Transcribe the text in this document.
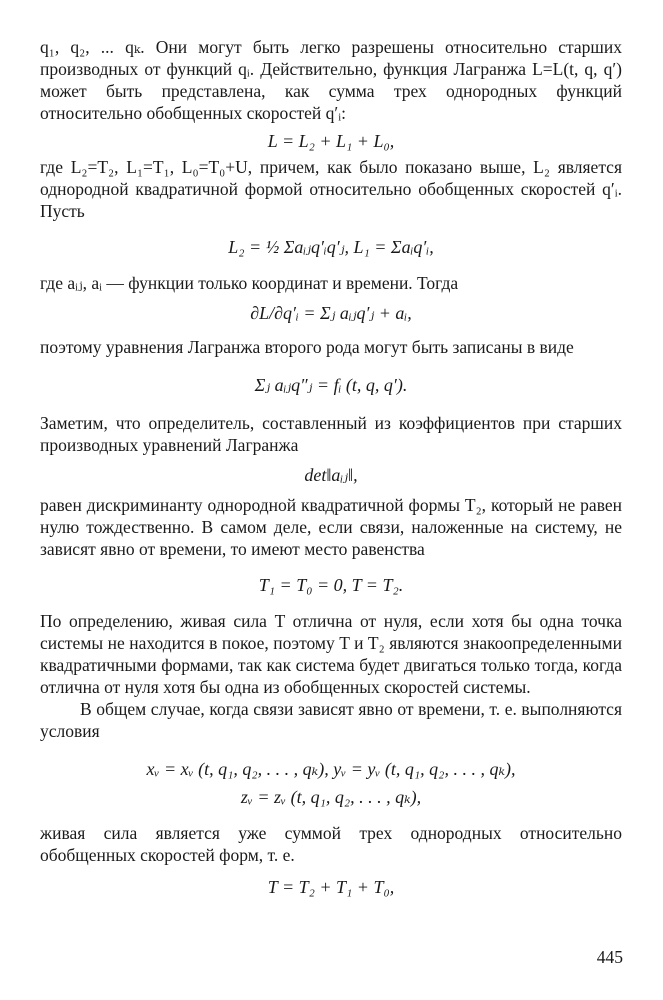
q₁, q₂, ... qₖ. Они могут быть легко разрешены относительно старших производных от функций qᵢ. Действительно, функция Лагранжа L=L(t, q, q′) может быть представлена, как сумма трех однородных функций относительно обобщенных скоростей q′ᵢ:

L = L₂ + L₁ + L₀,

где L₂=T₂, L₁=T₁, L₀=T₀+U, причем, как было показано выше, L₂ является однородной квадратичной формой относительно обобщенных скоростей q′ᵢ. Пусть

L₂ = ½ Σaᵢⱼq′ᵢq′ⱼ, L₁ = Σaᵢq′ᵢ,

где aᵢⱼ, aᵢ — функции только координат и времени. Тогда

∂L/∂q′ᵢ = Σⱼ aᵢⱼq′ⱼ + aᵢ,

поэтому уравнения Лагранжа второго рода могут быть записаны в виде

Σⱼ aᵢⱼq″ⱼ = fᵢ (t, q, q′).

Заметим, что определитель, составленный из коэффициентов при старших производных уравнений Лагранжа

det‖aᵢⱼ‖,

равен дискриминанту однородной квадратичной формы T₂, который не равен нулю тождественно. В самом деле, если связи, наложенные на систему, не зависят явно от времени, то имеют место равенства

T₁ = T₀ = 0, T = T₂.

По определению, живая сила T отлична от нуля, если хотя бы одна точка системы не находится в покое, поэтому T и T₂ являются знакоопределенными квадратичными формами, так как система будет двигаться только тогда, когда отлична от нуля хотя бы одна из обобщенных скоростей системы.

В общем случае, когда связи зависят явно от времени, т. е. выполняются условия

xᵥ = xᵥ (t, q₁, q₂, . . . , qₖ), yᵥ = yᵥ (t, q₁, q₂, . . . , qₖ),
zᵥ = zᵥ (t, q₁, q₂, . . . , qₖ),

живая сила является уже суммой трех однородных относительно обобщенных скоростей форм, т. е.

T = T₂ + T₁ + T₀,
445
